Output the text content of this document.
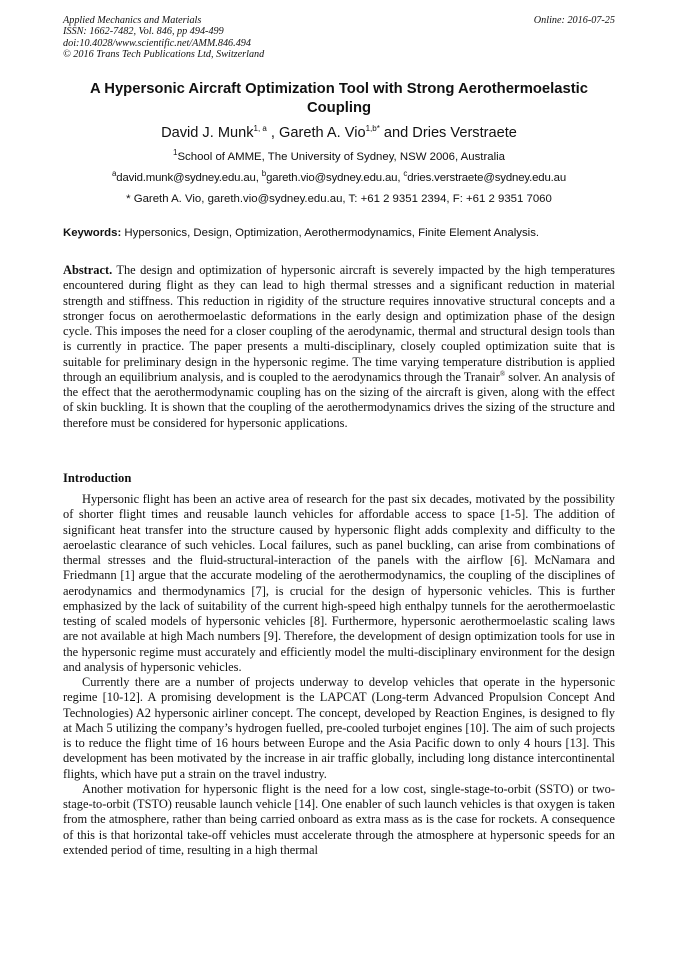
Applied Mechanics and Materials
ISSN: 1662-7482, Vol. 846, pp 494-499
doi:10.4028/www.scientific.net/AMM.846.494
© 2016 Trans Tech Publications Ltd, Switzerland
Online: 2016-07-25
A Hypersonic Aircraft Optimization Tool with Strong Aerothermoelastic Coupling
David J. Munk$^{1, a}$ , Gareth A. Vio$^{1,b*}$ and Dries Verstraete
$^1$School of AMME, The University of Sydney, NSW 2006, Australia
$^a$david.munk@sydney.edu.au, $^b$gareth.vio@sydney.edu.au, $^c$dries.verstraete@sydney.edu.au
* Gareth A. Vio, gareth.vio@sydney.edu.au, T: +61 2 9351 2394, F: +61 2 9351 7060
Keywords: Hypersonics, Design, Optimization, Aerothermodynamics, Finite Element Analysis.
Abstract. The design and optimization of hypersonic aircraft is severely impacted by the high temperatures encountered during flight as they can lead to high thermal stresses and a significant reduction in material strength and stiffness. This reduction in rigidity of the structure requires innovative structural concepts and a stronger focus on aerothermoelastic deformations in the early design and optimization phase of the design cycle. This imposes the need for a closer coupling of the aerodynamic, thermal and structural design tools than is currently in practice. The paper presents a multi-disciplinary, closely coupled optimization suite that is suitable for preliminary design in the hypersonic regime. The time varying temperature distribution is applied through an equilibrium analysis, and is coupled to the aerodynamics through the Tranair® solver. An analysis of the effect that the aerothermodynamic coupling has on the sizing of the aircraft is given, along with the effect of skin buckling. It is shown that the coupling of the aerothermodynamics drives the sizing of the structure and therefore must be considered for hypersonic applications.
Introduction

Hypersonic flight has been an active area of research for the past six decades, motivated by the possibility of shorter flight times and reusable launch vehicles for affordable access to space [1-5]. The addition of significant heat transfer into the structure caused by hypersonic flight adds complexity and difficulty to the aeroelastic clearance of such vehicles. Local failures, such as panel buckling, can arise from combinations of thermal stresses and the fluid-structural-interaction of the panels with the airflow [6]. McNamara and Friedmann [1] argue that the accurate modeling of the aerothermodynamics, the coupling of the disciplines of aerodynamics and thermodynamics [7], is crucial for the design of hypersonic vehicles. This is further emphasized by the lack of suitability of the current high-speed high enthalpy tunnels for the aerothermoelastic testing of scaled models of hypersonic vehicles [8]. Furthermore, hypersonic aerothermoelastic scaling laws are not available at high Mach numbers [9]. Therefore, the development of design optimization tools for use in the hypersonic regime must accurately and efficiently model the multi-disciplinary environment for the design and analysis of hypersonic vehicles.

Currently there are a number of projects underway to develop vehicles that operate in the hypersonic regime [10-12]. A promising development is the LAPCAT (Long-term Advanced Propulsion Concept And Technologies) A2 hypersonic airliner concept. The concept, developed by Reaction Engines, is designed to fly at Mach 5 utilizing the company’s hydrogen fuelled, pre-cooled turbojet engines [10]. The aim of such projects is to reduce the flight time of 16 hours between Europe and the Asia Pacific down to only 4 hours [13]. This development has been motivated by the increase in air traffic globally, including long distance intercontinental flights, which have put a strain on the travel industry.

Another motivation for hypersonic flight is the need for a low cost, single-stage-to-orbit (SSTO) or two-stage-to-orbit (TSTO) reusable launch vehicle [14]. One enabler of such launch vehicles is that oxygen is taken from the atmosphere, rather than being carried onboard as extra mass as is the case for rockets. A consequence of this is that horizontal take-off vehicles must accelerate through the atmosphere at hypersonic speeds for an extended period of time, resulting in a high thermal
